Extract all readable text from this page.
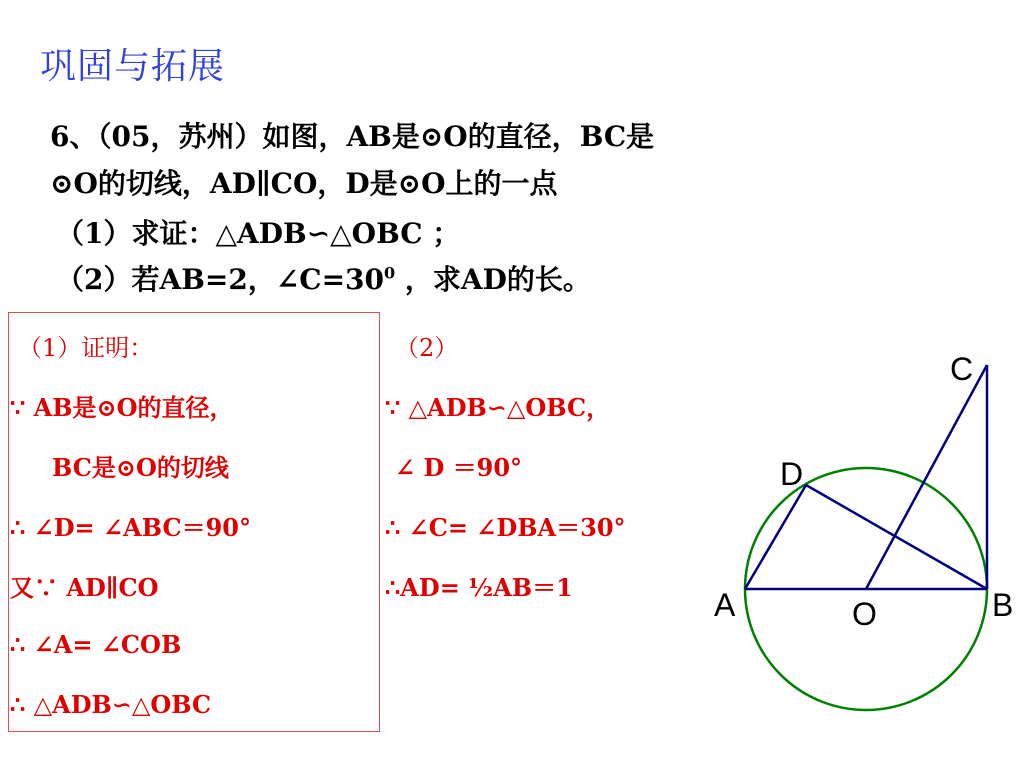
巩固与拓展
6、（05，苏州）如图，AB是⊙O的直径，BC是
⊙O的切线，AD∥CO，D是⊙O上的一点
（1）求证：△ADB∽△OBC ；
（2）若AB=2，$\angle C=30^0$ ，求AD的长。
（1）证明：
∵ AB是⊙O的直径，
BC是⊙O的切线
∴ ∠D= ∠ABC＝90°
又∵ AD∥CO
∴ ∠A= ∠COB
∴ △ADB∽△OBC
（2）
∵ △ADB∽△OBC，
∠ D ＝90°
∴ ∠C= ∠DBA＝30°
∴AD= ½AB＝1
C
D
A	O	B
